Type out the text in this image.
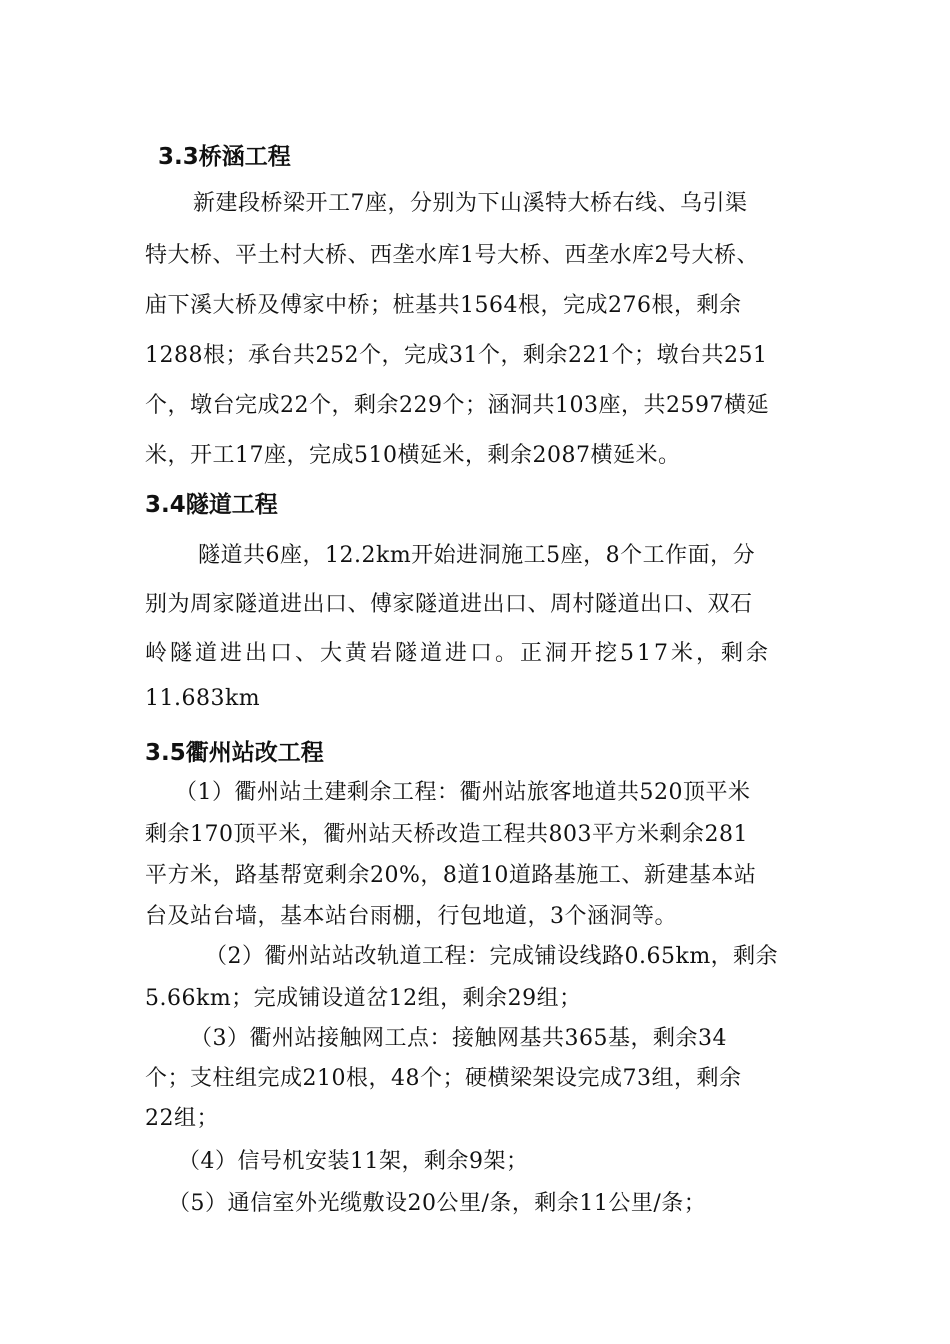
3.3桥涵工程
新建段桥梁开工7座，分别为下山溪特大桥右线、乌引渠
特大桥、平土村大桥、西垄水库1号大桥、西垄水库2号大桥、
庙下溪大桥及傅家中桥；桩基共1564根，完成276根，剩余
1288根；承台共252个，完成31个，剩余221个；墩台共251
个，墩台完成22个，剩余229个；涵洞共103座，共2597横延
米，开工17座，完成510横延米，剩余2087横延米。
3.4隧道工程
隧道共6座，12.2km开始进洞施工5座，8个工作面，分
别为周家隧道进出口、傅家隧道进出口、周村隧道出口、双石
岭隧道进出口、大黄岩隧道进口。正洞开挖517米，剩余
11.683km
3.5衢州站改工程
（1）衢州站土建剩余工程：衢州站旅客地道共520顶平米
剩余170顶平米，衢州站天桥改造工程共803平方米剩余281
平方米，路基帮宽剩余20%，8道10道路基施工、新建基本站
台及站台墙，基本站台雨棚，行包地道，3个涵洞等。
（2）衢州站站改轨道工程：完成铺设线路0.65km，剩余
5.66km；完成铺设道岔12组，剩余29组；
（3）衢州站接触网工点：接触网基共365基，剩余34
个；支柱组完成210根，48个；硬横梁架设完成73组，剩余
22组；
（4）信号机安装11架，剩余9架；
（5）通信室外光缆敷设20公里/条，剩余11公里/条；
